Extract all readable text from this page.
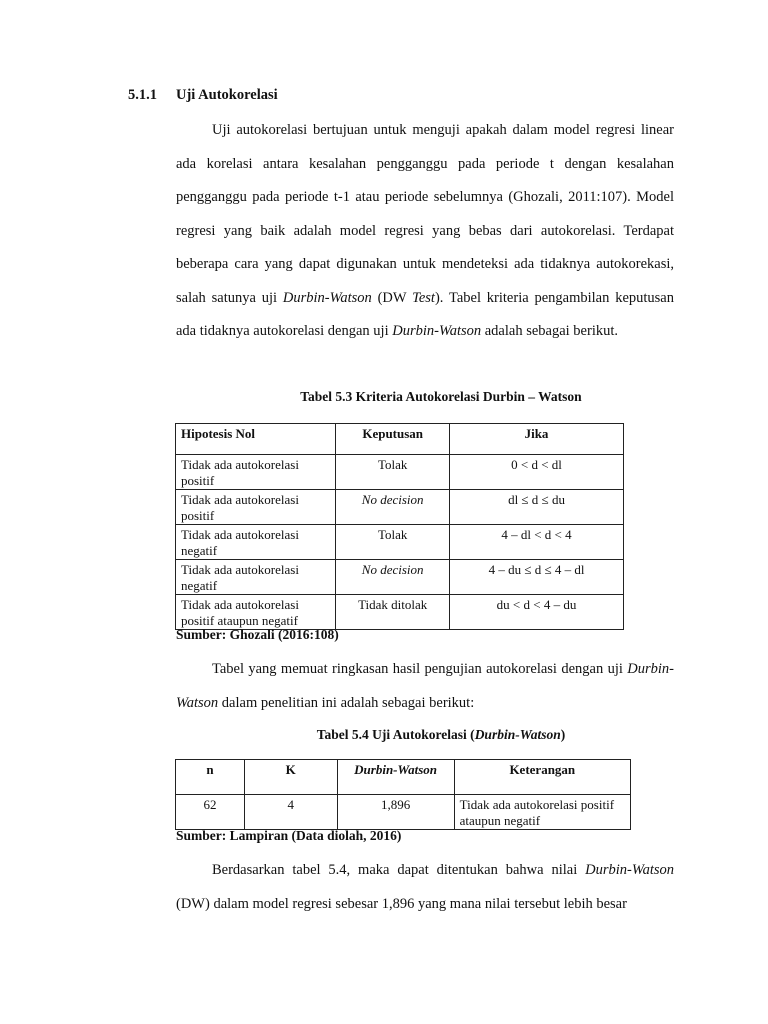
5.1.1 Uji Autokorelasi
Uji autokorelasi bertujuan untuk menguji apakah dalam model regresi linear ada korelasi antara kesalahan pengganggu pada periode t dengan kesalahan pengganggu pada periode t-1 atau periode sebelumnya (Ghozali, 2011:107). Model regresi yang baik adalah model regresi yang bebas dari autokorelasi. Terdapat beberapa cara yang dapat digunakan untuk mendeteksi ada tidaknya autokorekasi, salah satunya uji Durbin-Watson (DW Test). Tabel kriteria pengambilan keputusan ada tidaknya autokorelasi dengan uji Durbin-Watson adalah sebagai berikut.
Tabel 5.3 Kriteria Autokorelasi Durbin – Watson
Hipotesis Nol	Keputusan	Jika
Tidak ada autokorelasi positif	Tolak	0 < d < dl
Tidak ada autokorelasi positif	No decision	dl ≤ d ≤ du
Tidak ada autokorelasi negatif	Tolak	4 – dl < d < 4
Tidak ada autokorelasi negatif	No decision	4 – du ≤ d ≤ 4 – dl
Tidak ada autokorelasi positif ataupun negatif	Tidak ditolak	du < d < 4 – du
Sumber: Ghozali (2016:108)
Tabel yang memuat ringkasan hasil pengujian autokorelasi dengan uji Durbin-Watson dalam penelitian ini adalah sebagai berikut:
Tabel 5.4 Uji Autokorelasi (Durbin-Watson)
n	K	Durbin-Watson	Keterangan
62	4	1,896	Tidak ada autokorelasi positif ataupun negatif
Sumber: Lampiran (Data diolah, 2016)
Berdasarkan tabel 5.4, maka dapat ditentukan bahwa nilai Durbin-Watson (DW) dalam model regresi sebesar 1,896 yang mana nilai tersebut lebih besar
